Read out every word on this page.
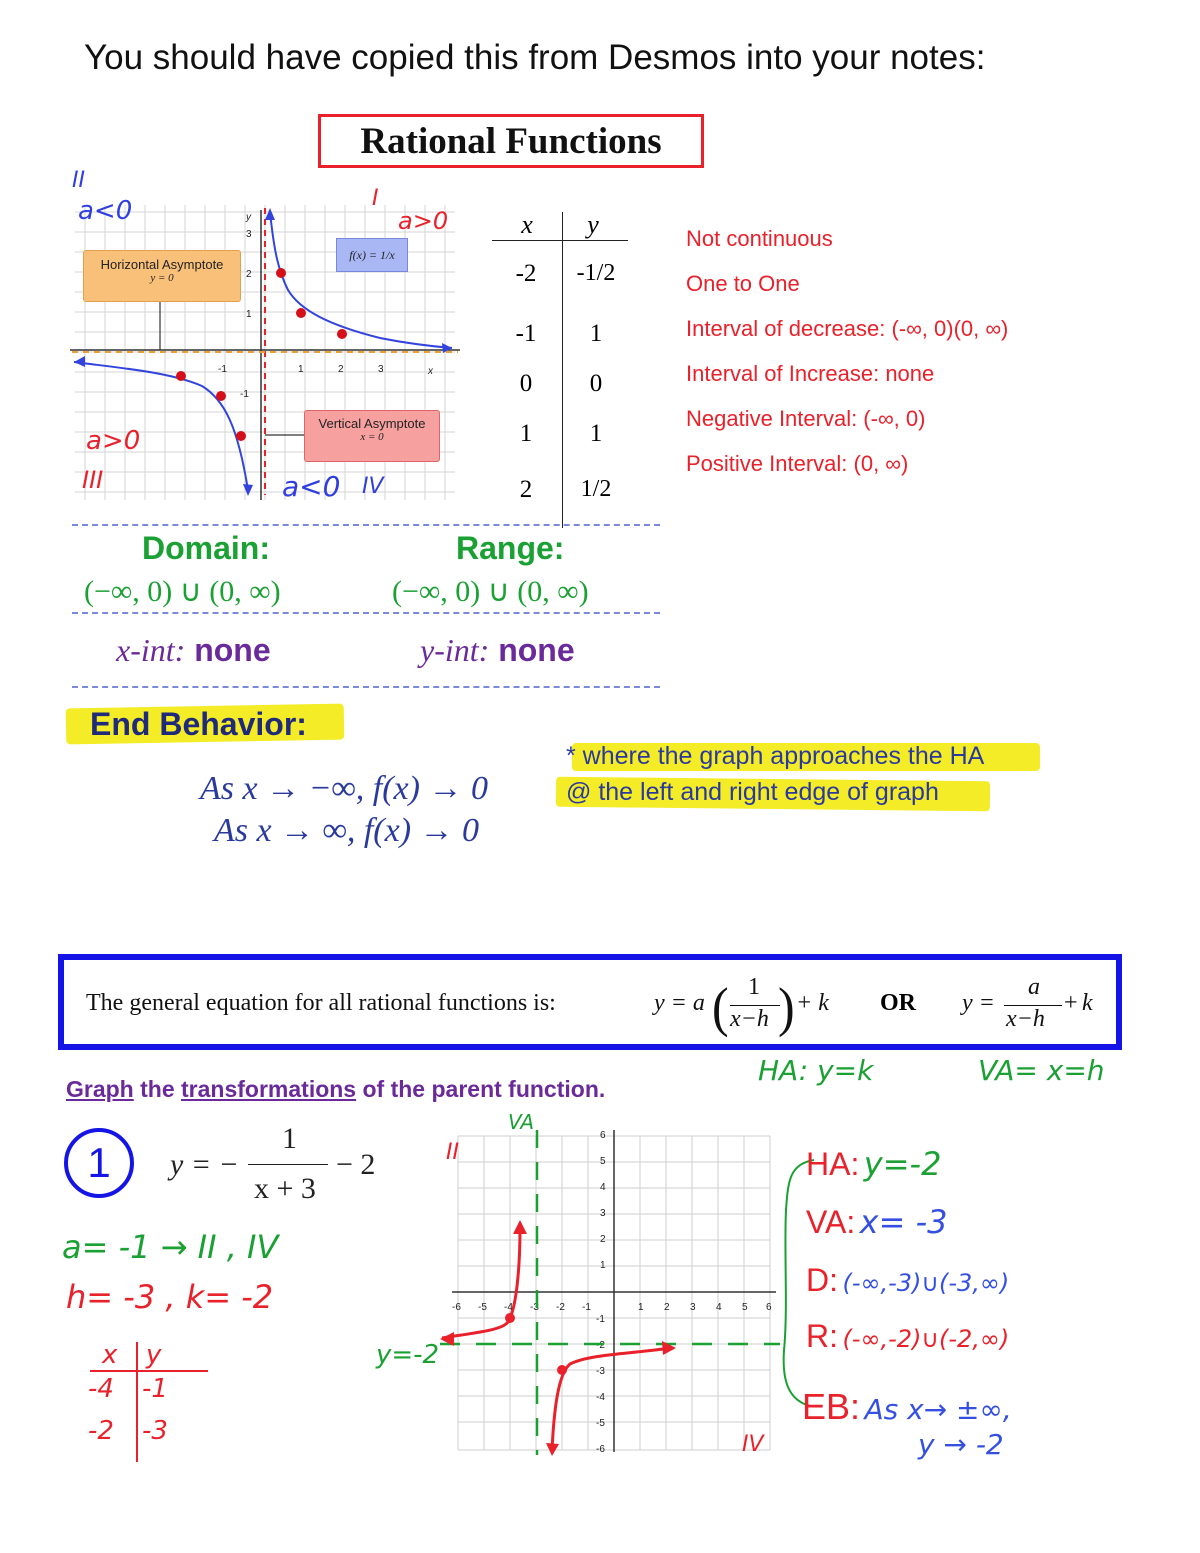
You should have copied this from Desmos into your notes:
Rational Functions
-1	1	2	3	x
3
2
1
-1
y
Horizontal Asymptote
y = 0
f(x) = 1/x
Vertical Asymptote
x = 0
II
a<0	I
a>0
a>0
III	a<0 IV
x y
-2	-1/2
-1	1
0	0
1	1
2	1/2
Not continuous
One to One
Interval of decrease: (-∞, 0)(0, ∞)
Interval of Increase: none
Negative Interval: (-∞, 0)
Positive Interval: (0, ∞)
Domain:	Range:
(−∞, 0) ∪ (0, ∞)	(−∞, 0) ∪ (0, ∞)
x-int: none	y-int: none
End Behavior:
As x → −∞, f(x) → 0
As x → ∞, f(x) → 0
* where the graph approaches the HA
@ the left and right edge of graph
The general equation for all rational functions is:	y = a ( 1
x−h ) + k OR y =
a
x−h
+ k
HA: y=k	VA= x=h
Graph the transformations of the parent function.
1	y = −
1
x + 3
− 2
a= -1 → II , IV
h= -3 , k= -2
x y
-4 -1
-2 -3
6
5
4
3
2
1
-1
-2
-3
-4
-5
-6
-6 -5 -4 -3 -2 -1	1 2 3 4 5 6
VA
II
IV
y=-2
HA: y=-2
VA: x= -3
D: (-∞,-3)∪(-3,∞)
R: (-∞,-2)∪(-2,∞)
EB: As x→ ±∞,
y → -2
